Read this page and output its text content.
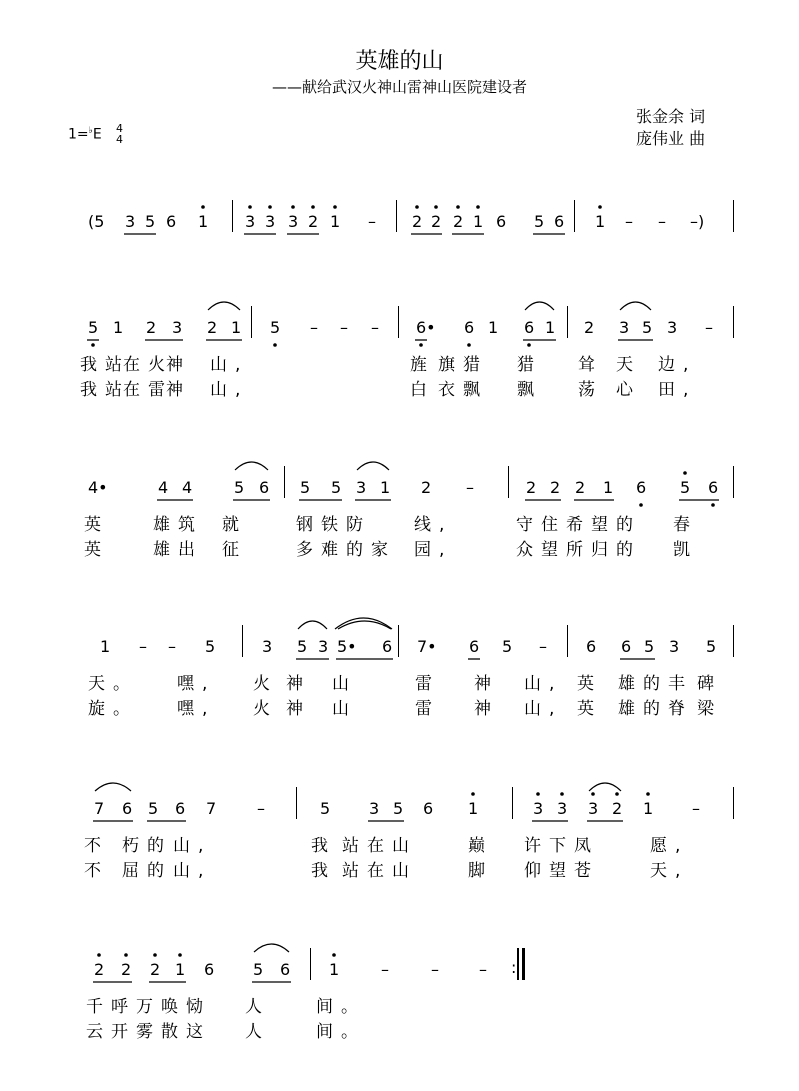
英雄的山
——献给武汉火神山雷神山医院建设者
张金余 词
庞伟业 曲
1=♭E 4
4
(5 3 5 6 1 3 3 3 2 1 – 2 2 2 1 6 5 6 1 – – –)
5 1 2 3 2 1 5 – – – 6• 6 1 6 1 2 3 5 3 –
我站
在火
神 山,	旌 旗猎 猎 耸 天 边,
我站
在雷
神 山,	白 衣飘 飘 荡 心 田,
4•	4 4	5 6 5 5 3 1 2 –	2 2 2 1 6 5 6
英	雄筑 就	钢铁防	线,	守住希望的 春
英	雄出 征	多难的家 园,	众望所归的 凯
1 – – 5	3 5 3 5• 6 7• 6 5 – 6 6 5 3 5
天。 嘿, 火 神 山	雷 神 山, 英 雄的丰 碑
旋。 嘿, 火 神 山	雷 神 山, 英 雄的脊 梁
7 6 5 6 7	–	5 3 5 6 1	3 3 3 2 1 –
不 朽的 山,	我 站在山	巅 许下凤	愿,
不 屈的 山,	我 站在山	脚 仰望苍	天,
2 2 2 1 6 5 6 1	–	–	–
千呼万唤恸 人	间。
云开雾散这 人	间。
:
